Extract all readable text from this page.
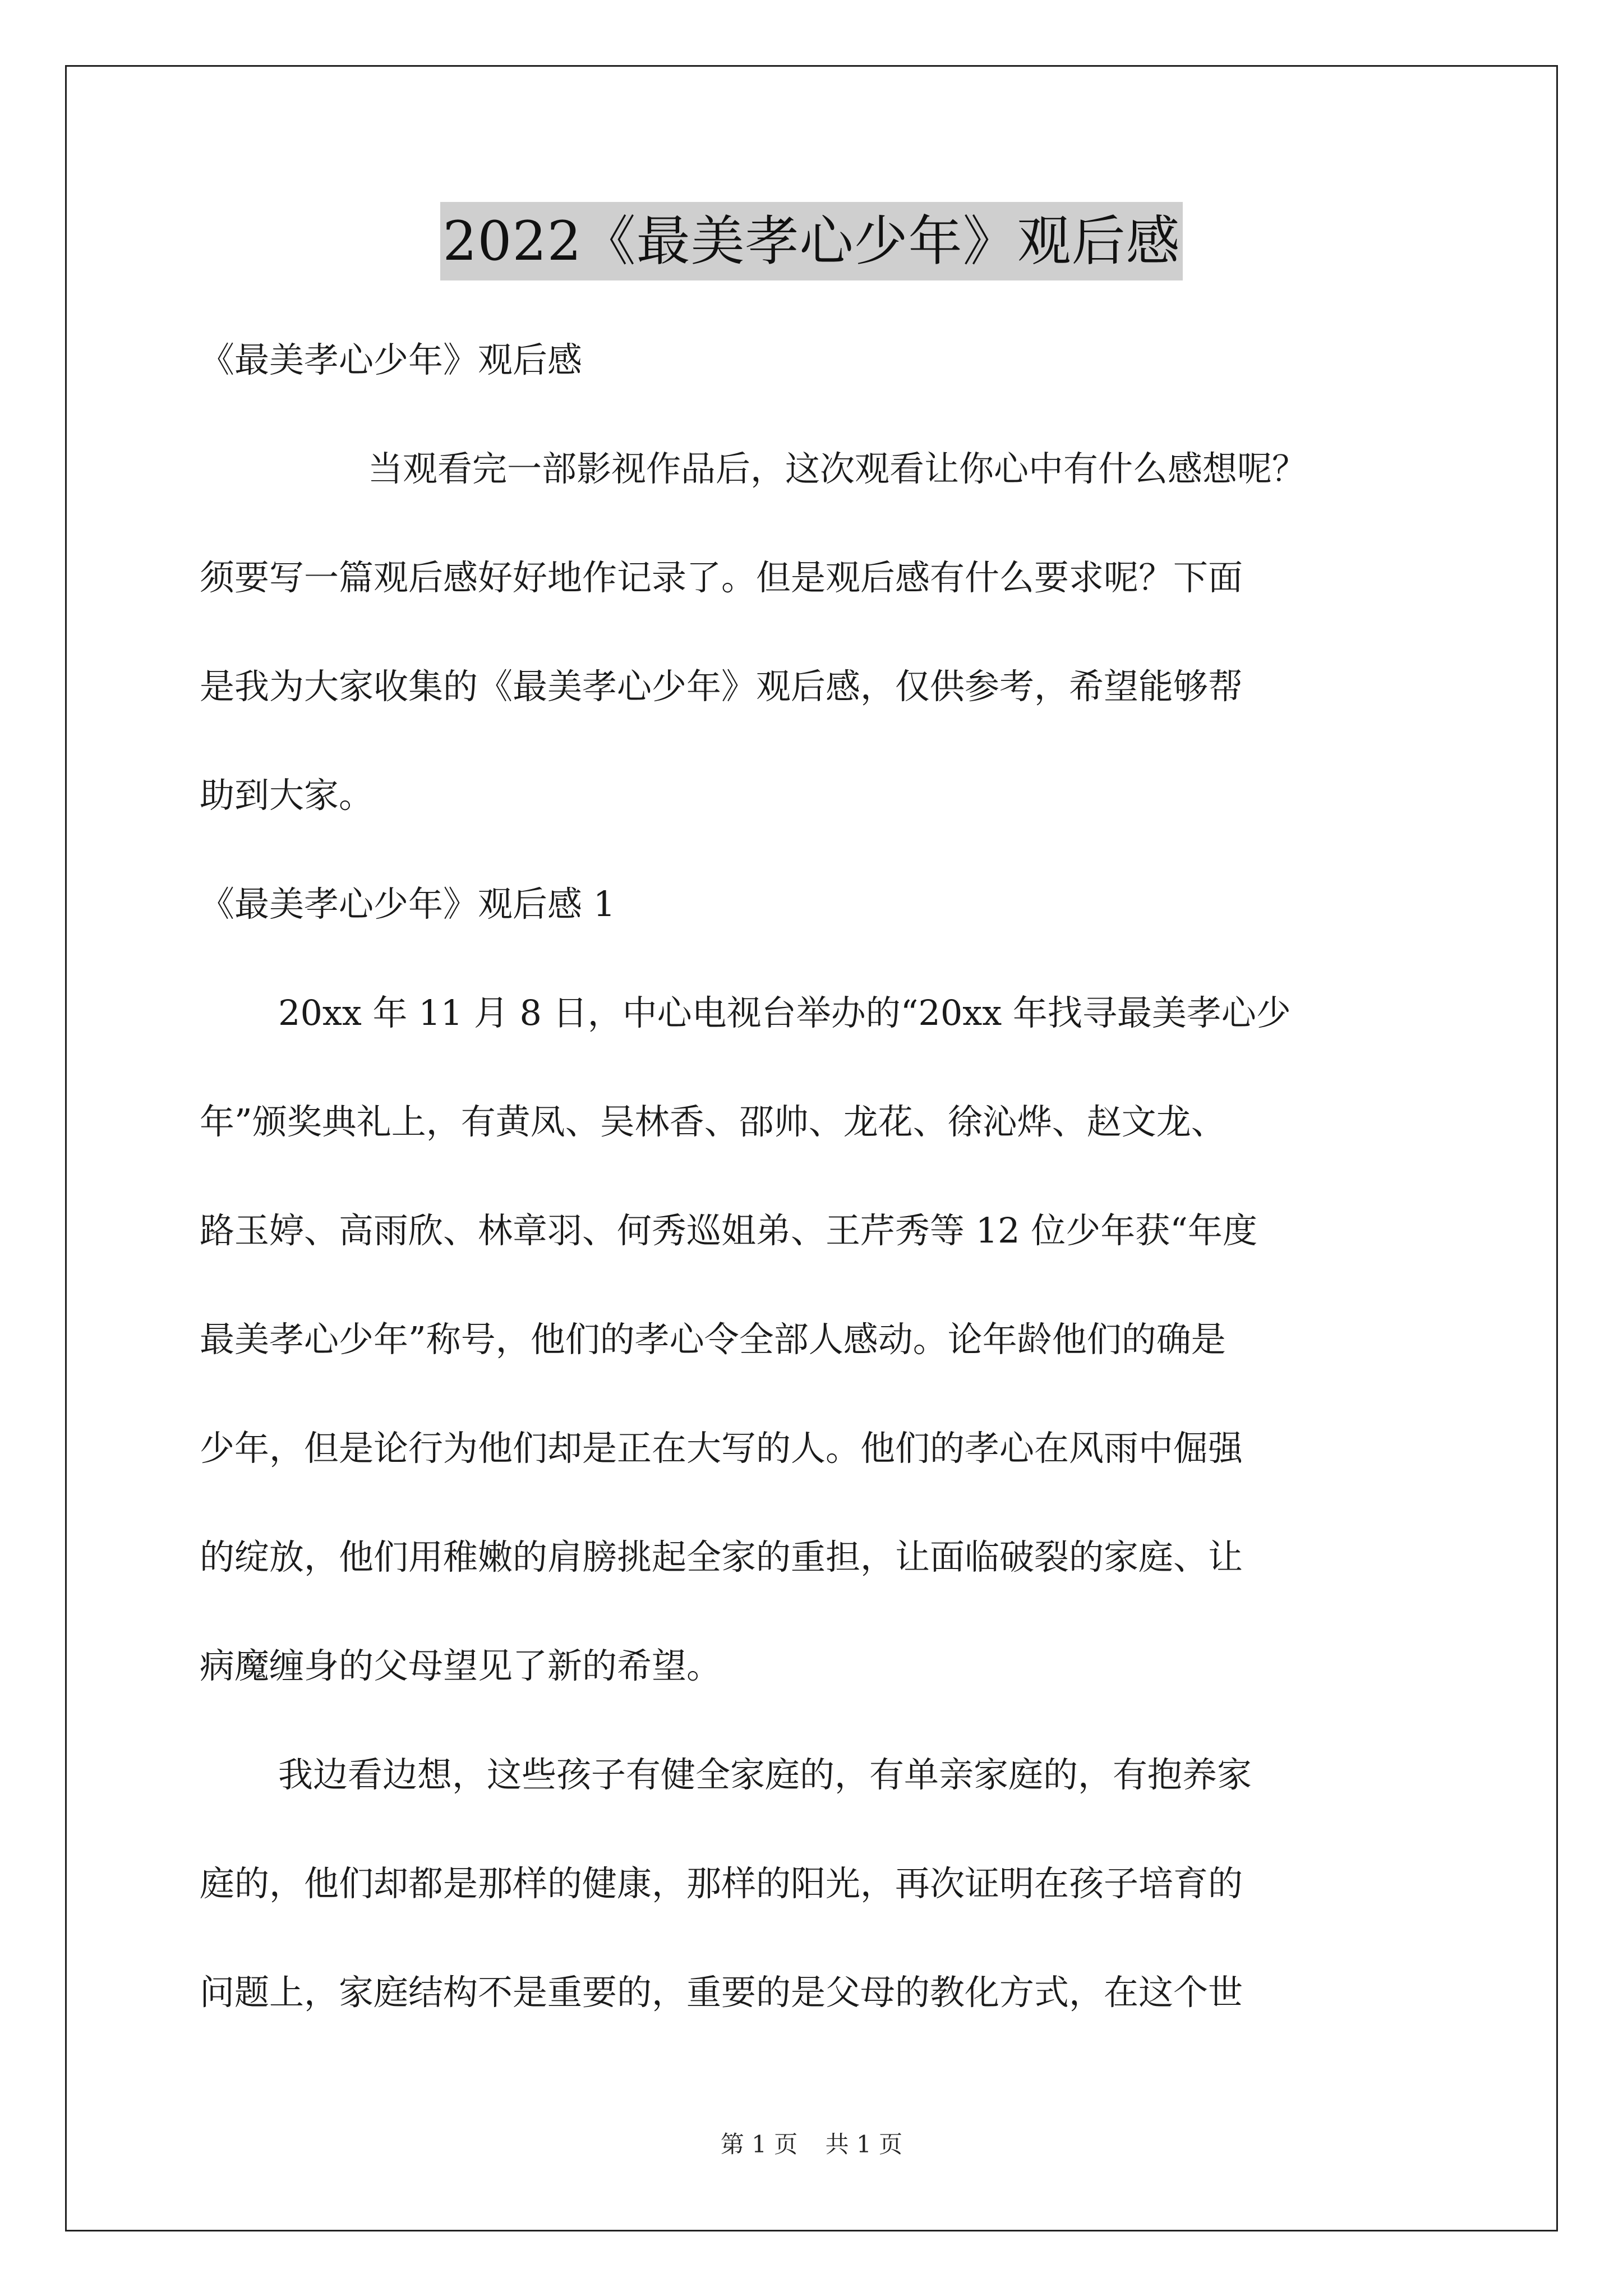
2022《最美孝心少年》观后感
《最美孝心少年》观后感
当观看完一部影视作品后，这次观看让你心中有什么感想呢？
须要写一篇观后感好好地作记录了。但是观后感有什么要求呢？下面
是我为大家收集的《最美孝心少年》观后感，仅供参考，希望能够帮
助到大家。
《最美孝心少年》观后感 1
20xx 年 11 月 8 日，中心电视台举办的“20xx 年找寻最美孝心少
年”颁奖典礼上，有黄凤、吴林香、邵帅、龙花、徐沁烨、赵文龙、
路玉婷、高雨欣、林章羽、何秀巡姐弟、王芹秀等 12 位少年获“年度
最美孝心少年”称号，他们的孝心令全部人感动。论年龄他们的确是
少年，但是论行为他们却是正在大写的人。他们的孝心在风雨中倔强
的绽放，他们用稚嫩的肩膀挑起全家的重担，让面临破裂的家庭、让
病魔缠身的父母望见了新的希望。
我边看边想，这些孩子有健全家庭的，有单亲家庭的，有抱养家
庭的，他们却都是那样的健康，那样的阳光，再次证明在孩子培育的
问题上，家庭结构不是重要的，重要的是父母的教化方式，在这个世
第 1 页 共 1 页
